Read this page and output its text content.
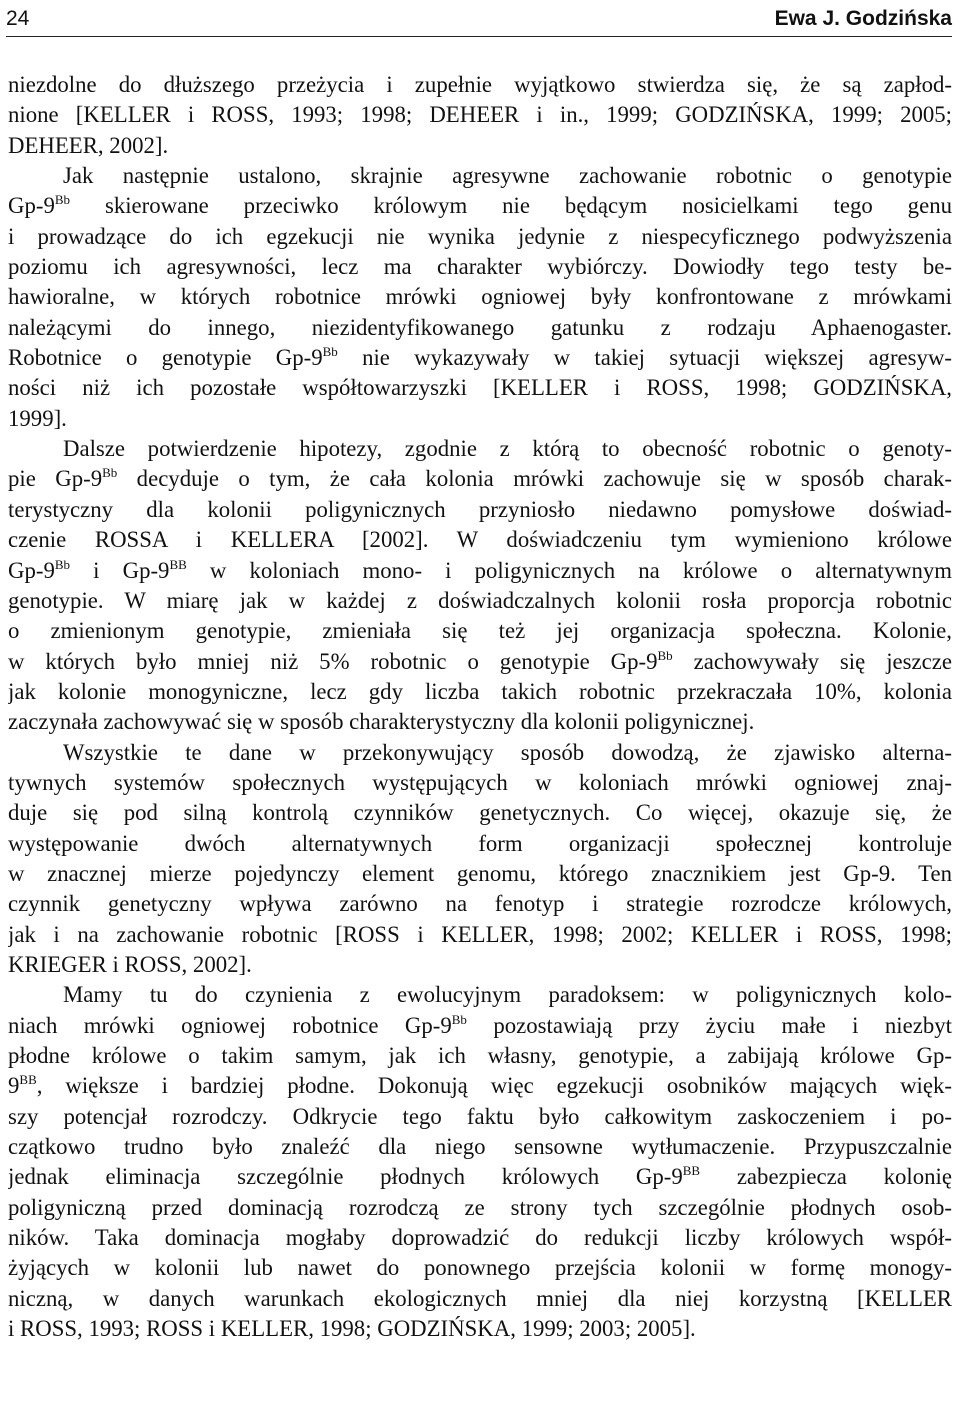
24	Ewa J. Godzińska
niezdolne do dłuższego przeżycia i zupełnie wyjątkowo stwierdza się, że są zapłod-
nione [KELLER i ROSS, 1993; 1998; DEHEER i in., 1999; GODZIŃSKA, 1999; 2005;
DEHEER, 2002].
Jak następnie ustalono, skrajnie agresywne zachowanie robotnic o genotypie
$Gp-9^{Bb}$ skierowane przeciwko królowym nie będącym nosicielkami tego genu
i prowadzące do ich egzekucji nie wynika jedynie z niespecyficznego podwyższenia
poziomu ich agresywności, lecz ma charakter wybiórczy. Dowiodły tego testy be-
hawioralne, w których robotnice mrówki ogniowej były konfrontowane z mrówkami
należącymi do innego, niezidentyfikowanego gatunku z rodzaju Aphaenogaster.
Robotnice o genotypie $Gp-9^{Bb}$ nie wykazywały w takiej sytuacji większej agresyw-
ności niż ich pozostałe współtowarzyszki [KELLER i ROSS, 1998; GODZIŃSKA,
1999].
Dalsze potwierdzenie hipotezy, zgodnie z którą to obecność robotnic o genoty-
pie $Gp-9^{Bb}$ decyduje o tym, że cała kolonia mrówki zachowuje się w sposób charak-
terystyczny dla kolonii poligynicznych przyniosło niedawno pomysłowe doświad-
czenie ROSSA i KELLERA [2002]. W doświadczeniu tym wymieniono królowe
$Gp-9^{Bb}$ i $Gp-9^{BB}$ w koloniach mono- i poligynicznych na królowe o alternatywnym
genotypie. W miarę jak w każdej z doświadczalnych kolonii rosła proporcja robotnic
o zmienionym genotypie, zmieniała się też jej organizacja społeczna. Kolonie,
w których było mniej niż 5% robotnic o genotypie $Gp-9^{Bb}$ zachowywały się jeszcze
jak kolonie monogyniczne, lecz gdy liczba takich robotnic przekraczała 10%, kolonia
zaczynała zachowywać się w sposób charakterystyczny dla kolonii poligynicznej.
Wszystkie te dane w przekonywujący sposób dowodzą, że zjawisko alterna-
tywnych systemów społecznych występujących w koloniach mrówki ogniowej znaj-
duje się pod silną kontrolą czynników genetycznych. Co więcej, okazuje się, że
występowanie dwóch alternatywnych form organizacji społecznej kontroluje
w znacznej mierze pojedynczy element genomu, którego znacznikiem jest Gp-9. Ten
czynnik genetyczny wpływa zarówno na fenotyp i strategie rozrodcze królowych,
jak i na zachowanie robotnic [ROSS i KELLER, 1998; 2002; KELLER i ROSS, 1998;
KRIEGER i ROSS, 2002].
Mamy tu do czynienia z ewolucyjnym paradoksem: w poligynicznych kolo-
niach mrówki ogniowej robotnice $Gp-9^{Bb}$ pozostawiają przy życiu małe i niezbyt
płodne królowe o takim samym, jak ich własny, genotypie, a zabijają królowe Gp-
$9^{BB}$, większe i bardziej płodne. Dokonują więc egzekucji osobników mających więk-
szy potencjał rozrodczy. Odkrycie tego faktu było całkowitym zaskoczeniem i po-
czątkowo trudno było znaleźć dla niego sensowne wytłumaczenie. Przypuszczalnie
jednak eliminacja szczególnie płodnych królowych $Gp-9^{BB}$ zabezpiecza kolonię
poligyniczną przed dominacją rozrodczą ze strony tych szczególnie płodnych osob-
ników. Taka dominacja mogłaby doprowadzić do redukcji liczby królowych współ-
żyjących w kolonii lub nawet do ponownego przejścia kolonii w formę monogy-
niczną, w danych warunkach ekologicznych mniej dla niej korzystną [KELLER
i ROSS, 1993; ROSS i KELLER, 1998; GODZIŃSKA, 1999; 2003; 2005].
